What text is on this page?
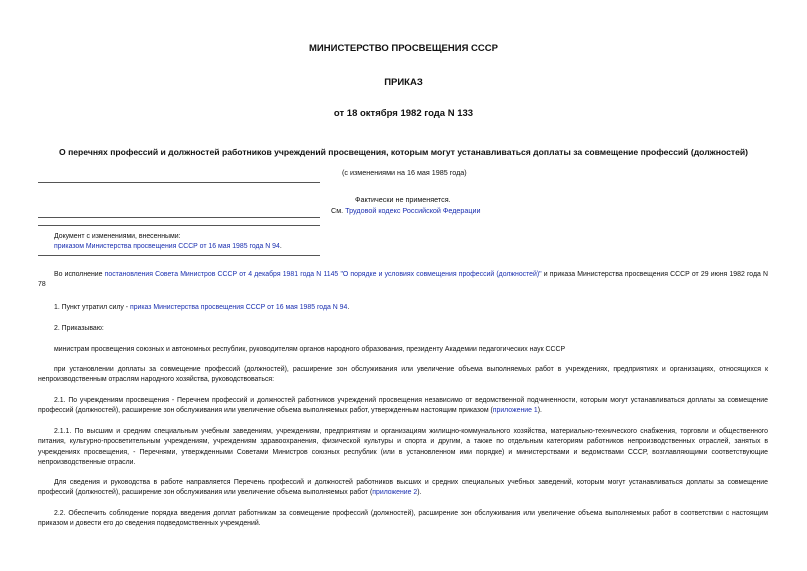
МИНИСТЕРСТВО ПРОСВЕЩЕНИЯ СССР
ПРИКАЗ
от 18 октября 1982 года N 133
О перечнях профессий и должностей работников учреждений просвещения, которым могут устанавливаться доплаты за совмещение профессий (должностей)
(с изменениями на 16 мая 1985 года)
Фактически не применяется.
См. Трудовой кодекс Российской Федерации
Документ с изменениями, внесенными:
приказом Министерства просвещения СССР от 16 мая 1985 года N 94.
Во исполнение постановления Совета Министров СССР от 4 декабря 1981 года N 1145 "О порядке и условиях совмещения профессий (должностей)" и приказа Министерства просвещения СССР от 29 июня 1982 года N 78
1. Пункт утратил силу - приказ Министерства просвещения СССР от 16 мая 1985 года N 94.
2. Приказываю:
министрам просвещения союзных и автономных республик, руководителям органов народного образования, президенту Академии педагогических наук СССР
при установлении доплаты за совмещение профессий (должностей), расширение зон обслуживания или увеличение объема выполняемых работ в учреждениях, предприятиях и организациях, относящихся к непроизводственным отраслям народного хозяйства, руководствоваться:
2.1. По учреждениям просвещения - Перечнем профессий и должностей работников учреждений просвещения независимо от ведомственной подчиненности, которым могут устанавливаться доплаты за совмещение профессий (должностей), расширение зон обслуживания или увеличение объема выполняемых работ, утвержденным настоящим приказом (приложение 1).
2.1.1. По высшим и средним специальным учебным заведениям, учреждениям, предприятиям и организациям жилищно-коммунального хозяйства, материально-технического снабжения, торговли и общественного питания, культурно-просветительным учреждениям, учреждениям здравоохранения, физической культуры и спорта и другим, а также по отдельным категориям работников непроизводственных отраслей, занятых в учреждениях просвещения, - Перечнями, утвержденными Советами Министров союзных республик (или в установленном ими порядке) и министерствами и ведомствами СССР, возглавляющими соответствующие непроизводственные отрасли.
Для сведения и руководства в работе направляется Перечень профессий и должностей работников высших и средних специальных учебных заведений, которым могут устанавливаться доплаты за совмещение профессий (должностей), расширение зон обслуживания или увеличение объема выполняемых работ (приложение 2).
2.2. Обеспечить соблюдение порядка введения доплат работникам за совмещение профессий (должностей), расширение зон обслуживания или увеличение объема выполняемых работ в соответствии с настоящим приказом и довести его до сведения подведомственных учреждений.
